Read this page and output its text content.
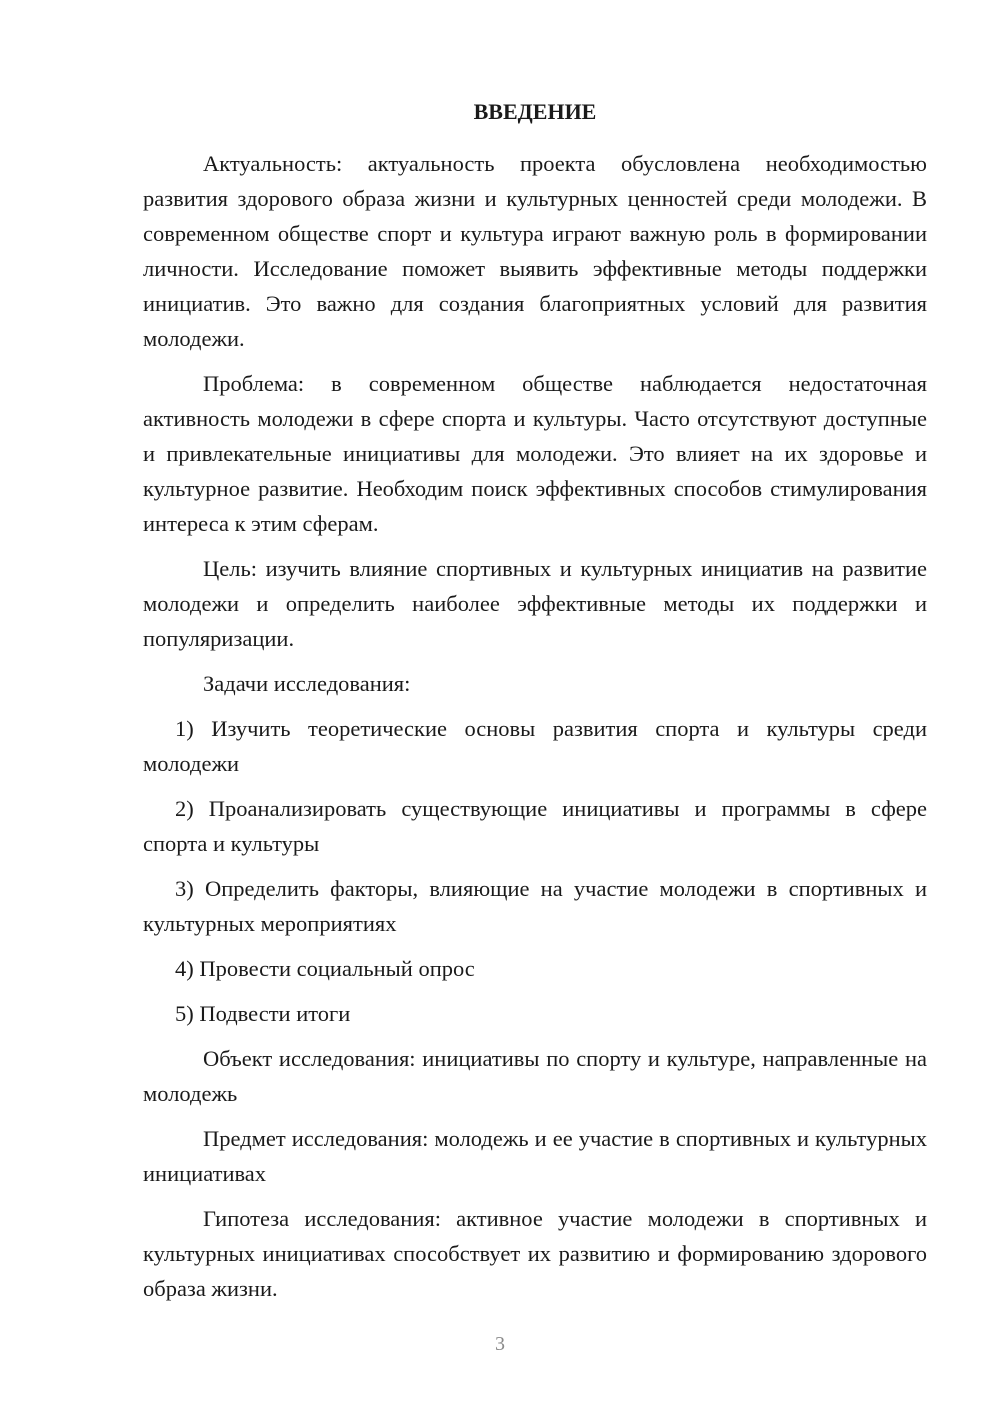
ВВЕДЕНИЕ

Актуальность: актуальность проекта обусловлена необходимостью развития здорового образа жизни и культурных ценностей среди молодежи. В современном обществе спорт и культура играют важную роль в формировании личности. Исследование поможет выявить эффективные методы поддержки инициатив. Это важно для создания благоприятных условий для развития молодежи.

Проблема: в современном обществе наблюдается недостаточная активность молодежи в сфере спорта и культуры. Часто отсутствуют доступные и привлекательные инициативы для молодежи. Это влияет на их здоровье и культурное развитие. Необходим поиск эффективных способов стимулирования интереса к этим сферам.

Цель: изучить влияние спортивных и культурных инициатив на развитие молодежи и определить наиболее эффективные методы их поддержки и популяризации.

Задачи исследования:

1) Изучить теоретические основы развития спорта и культуры среди молодежи

2) Проанализировать существующие инициативы и программы в сфере спорта и культуры

3) Определить факторы, влияющие на участие молодежи в спортивных и культурных мероприятиях

4) Провести социальный опрос

5) Подвести итоги

Объект исследования: инициативы по спорту и культуре, направленные на молодежь

Предмет исследования: молодежь и ее участие в спортивных и культурных инициативах

Гипотеза исследования: активное участие молодежи в спортивных и культурных инициативах способствует их развитию и формированию здорового образа жизни.

3
